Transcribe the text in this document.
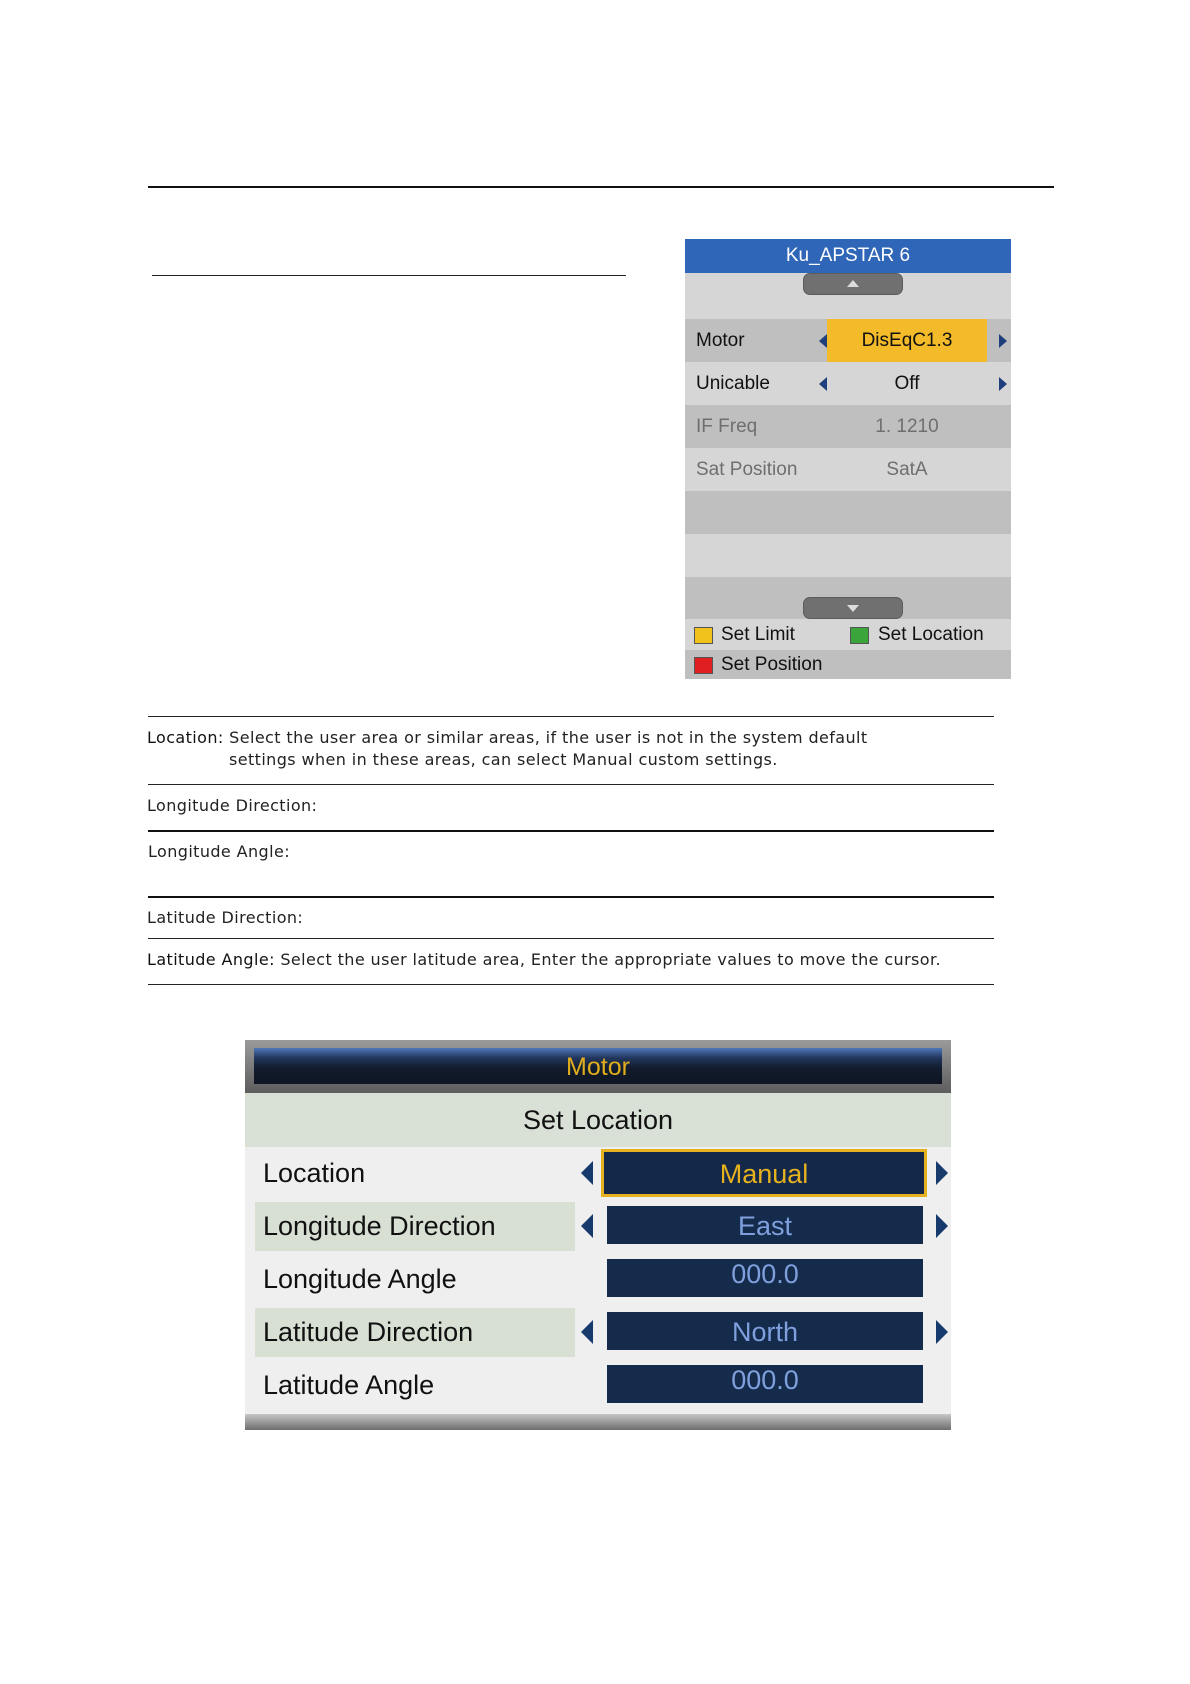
Ku_APSTAR 6
Motor	DisEqC1.3
Unicable	Off
IF Freq	1. 1210
Sat Position	SatA
Set Limit	Set Location
Set Position
Location: Select the user area or similar areas, if the user is not in the system default
settings when in these areas, can select Manual custom settings.
Longitude Direction:
Longitude Angle:
Latitude Direction:
Latitude Angle: Select the user latitude area, Enter the appropriate values to move the cursor.
Motor
Set Location
Location	Manual
Longitude Direction	East
Longitude Angle	000.0
Latitude Direction	North
Latitude Angle	000.0
